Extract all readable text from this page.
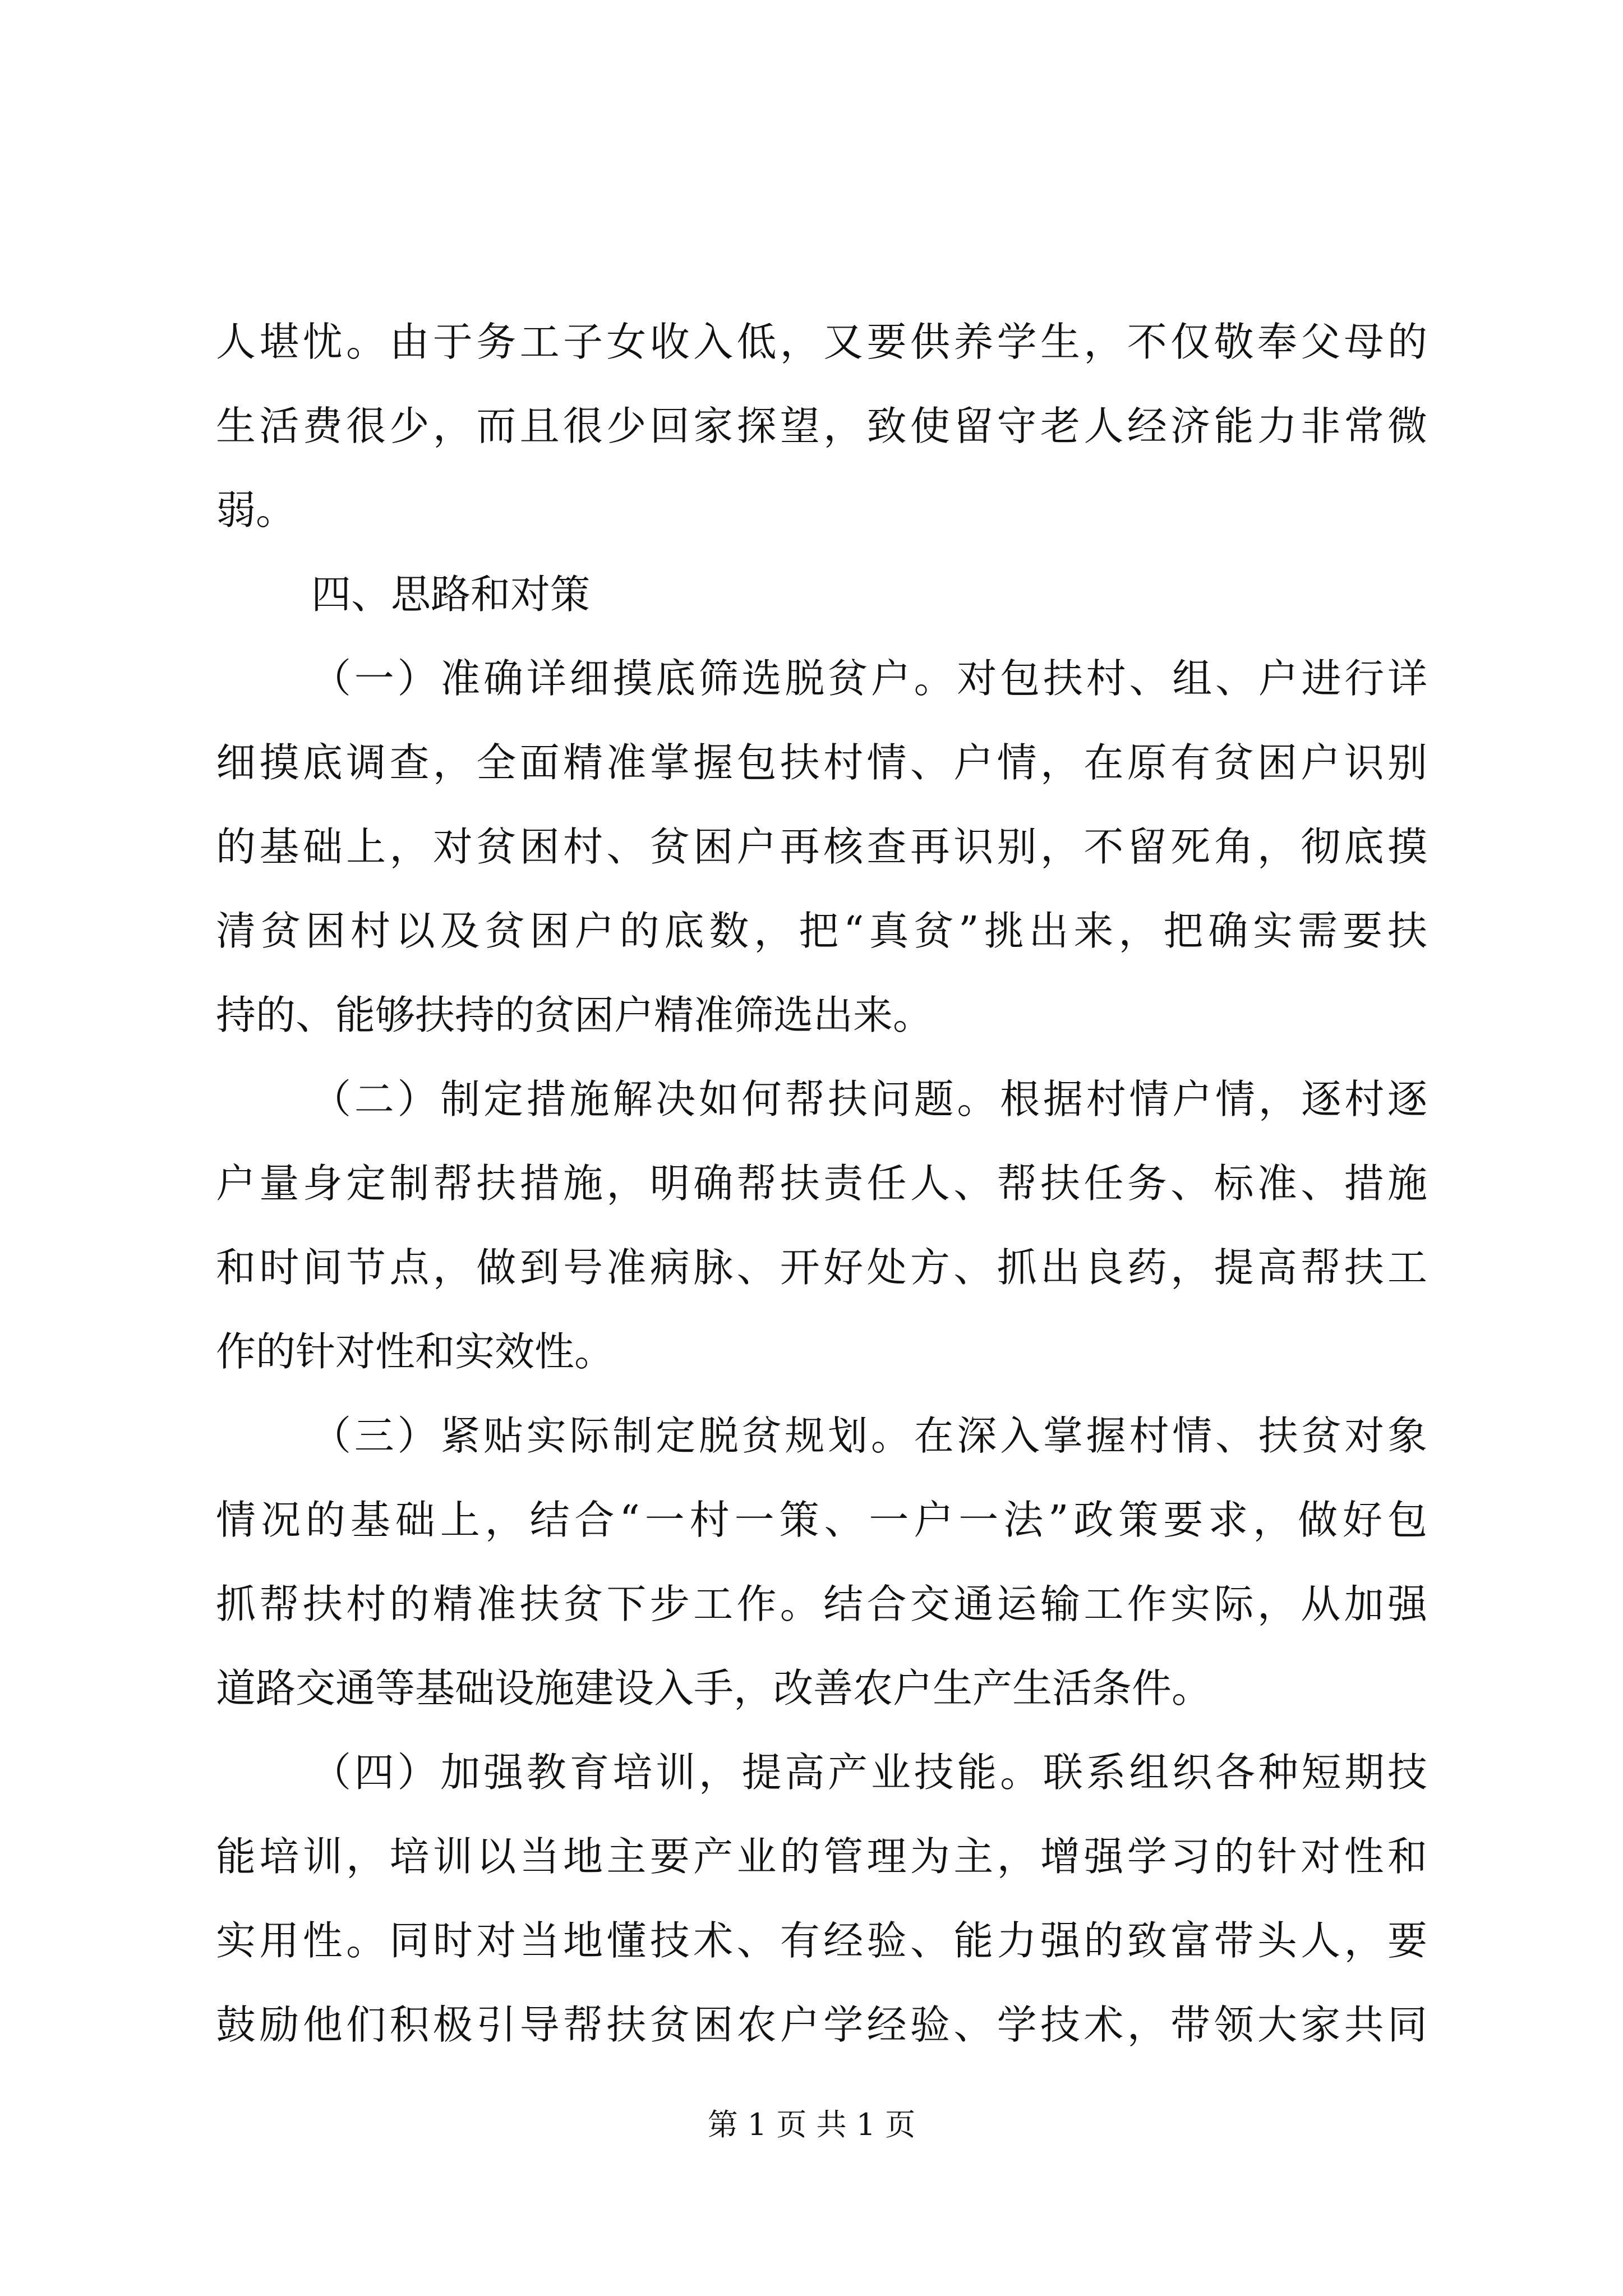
人堪忧。由于务工子女收入低，又要供养学生，不仅敬奉父母的
生活费很少，而且很少回家探望，致使留守老人经济能力非常微
弱。
四、思路和对策
（一）准确详细摸底筛选脱贫户。对包扶村、组、户进行详
细摸底调查，全面精准掌握包扶村情、户情，在原有贫困户识别
的基础上，对贫困村、贫困户再核查再识别，不留死角，彻底摸
清贫困村以及贫困户的底数，把“真贫”挑出来，把确实需要扶
持的、能够扶持的贫困户精准筛选出来。
（二）制定措施解决如何帮扶问题。根据村情户情，逐村逐
户量身定制帮扶措施，明确帮扶责任人、帮扶任务、标准、措施
和时间节点，做到号准病脉、开好处方、抓出良药，提高帮扶工
作的针对性和实效性。
（三）紧贴实际制定脱贫规划。在深入掌握村情、扶贫对象
情况的基础上，结合“一村一策、一户一法”政策要求，做好包
抓帮扶村的精准扶贫下步工作。结合交通运输工作实际，从加强
道路交通等基础设施建设入手，改善农户生产生活条件。
（四）加强教育培训，提高产业技能。联系组织各种短期技
能培训，培训以当地主要产业的管理为主，增强学习的针对性和
实用性。同时对当地懂技术、有经验、能力强的致富带头人，要
鼓励他们积极引导帮扶贫困农户学经验、学技术，带领大家共同
第 1 页 共 1 页
